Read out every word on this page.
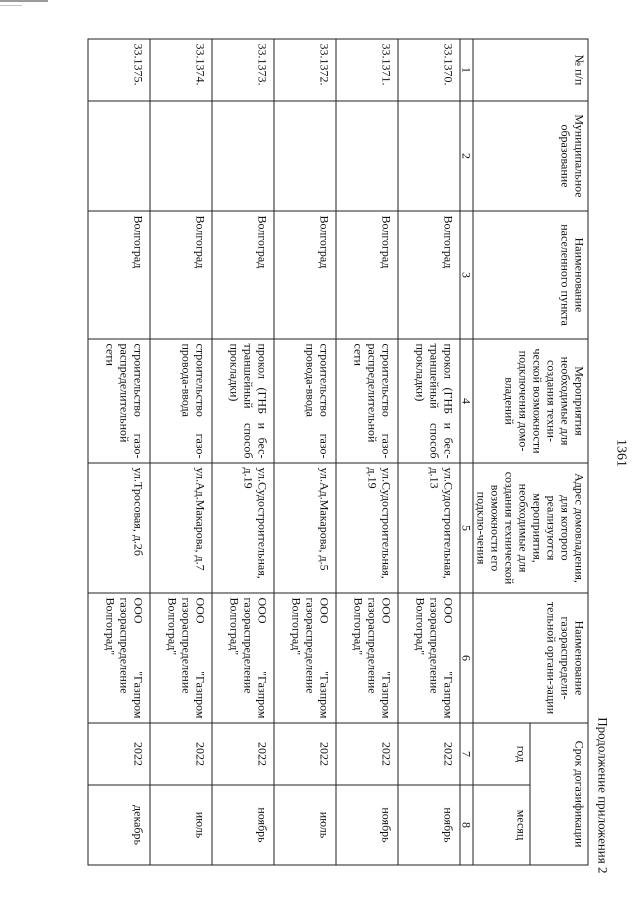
1361
Продолжение приложения 2
№ п/п	Муниципальное образование	Наименование населенного пункта	Мероприятия необходимые для создания техни-ческой возможности подключения домо-владений	Адрес домовладения, для которого реализуются мероприятия, необходимые для создания технической возможности его подклю-чения	Наименование газораспредели-тельной органи-зации	Срок догазификации	
						год	месяц
1	2	3	4	5	6	7	8
33.1370.		Волгоград	прокол (ГНБ и бес-траншейный способ прокладки)	ул.Судостроительная, д.13	ООО "Газпром газораспределение Волгоград"	2022	ноябрь
33.1371.		Волгоград	строительство газо-распределительной сети	ул.Судостроительная, д.19	ООО "Газпром газораспределение Волгоград"	2022	ноябрь
33.1372.		Волгоград	строительство газо-провода-ввода	ул.Ад.Макарова, д.5	ООО "Газпром газораспределение Волгоград"	2022	июль
33.1373.		Волгоград	прокол (ГНБ и бес-траншейный способ прокладки)	ул.Судостроительная, д.19	ООО "Газпром газораспределение Волгоград"	2022	ноябрь
33.1374.		Волгоград	строительство газо-провода-ввода	ул.Ад.Макарова, д.7	ООО "Газпром газораспределение Волгоград"	2022	июль
33.1375.		Волгоград	строительство газо-распределительной сети	ул.Тросовая, д.2б	ООО "Газпром газораспределение Волгоград"	2022	декабрь
